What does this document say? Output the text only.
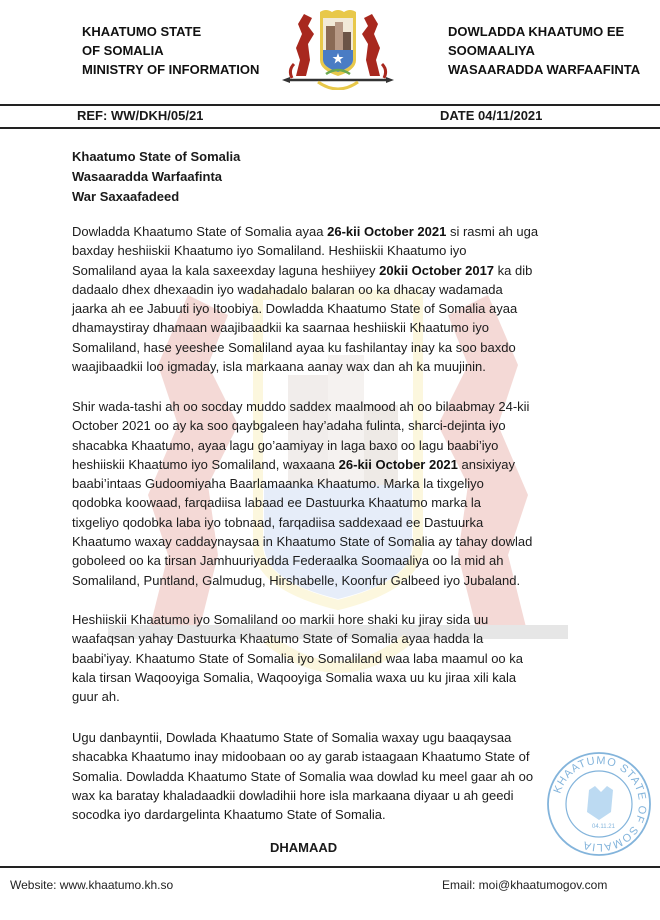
KHAATUMO STATE
OF SOMALIA
MINISTRY OF INFORMATION
DOWLADDA KHAATUMO EE
SOOMAALIYA
WASAARADDA WARFAAFINTA
REF: WW/DKH/05/21	DATE 04/11/2021
Khaatumo State of Somalia
Wasaaradda Warfaafinta
War Saxaafadeed
Dowladda Khaatumo State of Somalia ayaa 26-kii October 2021 si rasmi ah uga
baxday heshiiskii Khaatumo iyo Somaliland. Heshiiskii Khaatumo iyo
Somaliland ayaa la kala saxeexday laguna heshiiyey 20kii October 2017 ka dib
dadaalo dhex dhexaadin iyo wadahadalo balaran oo ka dhacay wadamada
jaarka ah ee Jabuuti iyo Itoobiya. Dowladda Khaatumo State of Somalia ayaa
dhamaystiray dhamaan waajibaadkii ka saarnaa heshiiskii Khaatumo iyo
Somaliland, hase yeeshee Somaliland ayaa ku fashilantay inay ka soo baxdo
waajibaadkii loo igmaday, isla markaana aanay wax dan ah ka muujinin.
Shir wada-tashi ah oo socday muddo saddex maalmood ah oo bilaabmay 24-kii
October 2021 oo ay ka soo qaybgaleen hay’adaha fulinta, sharci-dejinta iyo
shacabka Khaatumo, ayaa lagu go’aamiyay in laga baxo oo lagu baabi’iyo
heshiiskii Khaatumo iyo Somaliland, waxaana 26-kii October 2021 ansixiyay
baabi’intaas Gudoomiyaha Baarlamaanka Khaatumo. Marka la tixgeliyo
qodobka koowaad, farqadiisa labaad ee Dastuurka Khaatumo marka la
tixgeliyo qodobka laba iyo tobnaad, farqadiisa saddexaad ee Dastuurka
Khaatumo waxay caddaynaysaa in Khaatumo State of Somalia ay tahay dowlad
goboleed oo ka tirsan Jamhuuriyadda Federaalka Soomaaliya oo la mid ah
Somaliland, Puntland, Galmudug, Hirshabelle, Koonfur Galbeed iyo Jubaland.
Heshiiskii Khaatumo iyo Somaliland oo markii hore shaki ku jiray sida uu
waafaqsan yahay Dastuurka Khaatumo State of Somalia ayaa hadda la
baabi'iyay. Khaatumo State of Somalia iyo Somaliland waa laba maamul oo ka
kala tirsan Waqooyiga Somalia, Waqooyiga Somalia waxa uu ku jiraa xili kala
guur ah.
Ugu danbayntii, Dowlada Khaatumo State of Somalia waxay ugu baaqaysaa
shacabka Khaatumo inay midoobaan oo ay garab istaagaan Khaatumo State of
Somalia. Dowladda Khaatumo State of Somalia waa dowlad ku meel gaar ah oo
wax ka baratay khaladaadkii dowladihii hore isla markaana diyaar u ah geedi
socodka iyo dardargelinta Khaatumo State of Somalia.
DHAMAAD
KHAATUMO STATE OF SOMALIA
04.11.21
Website: www.khaatumo.kh.so	Email: moi@khaatumogov.com
